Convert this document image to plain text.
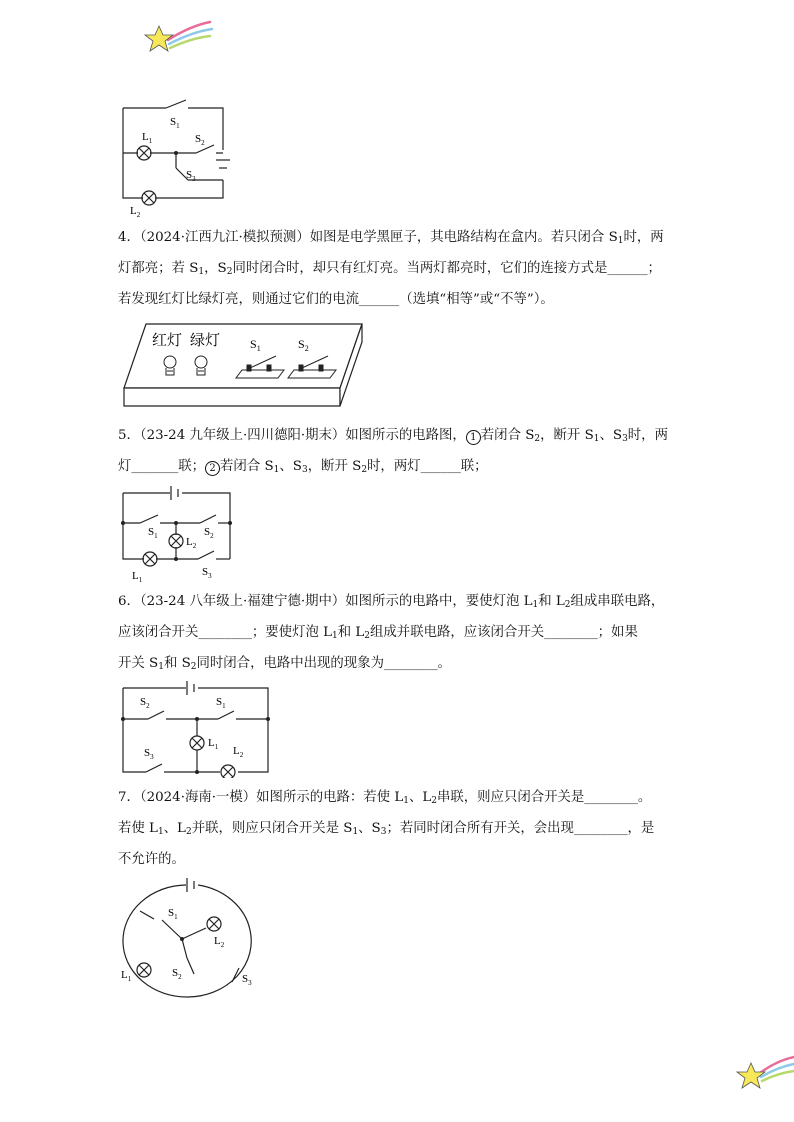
$S_1$
$L_1$	$S_2$
$S_3$
$L_2$

4．（2024·江西九江·模拟预测）如图是电学黑匣子，其电路结构在盒内。若只闭合 $S_1$时，两

灯都亮；若 $S_1$，$S_2$同时闭合时，却只有红灯亮。当两灯都亮时，它们的连接方式是______；

若发现红灯比绿灯亮，则通过它们的电流______（选填“相等”或“不等”）。

红灯 绿灯 $S_1$	$S_2$

5．（23-24 九年级上·四川德阳·期末）如图所示的电路图， 1 若闭合 $S_2$，断开 $S_1$、$S_3$时，两

灯_______联； 2 若闭合 $S_1$、$S_3$，断开 $S_2$时，两灯______联；

$S_1$	$S_2$
$L_2$
$L_1$
$S_3$

6．（23-24 八年级上·福建宁德·期中）如图所示的电路中，要使灯泡 $L_1$和 $L_2$组成串联电路，

应该闭合开关________；要使灯泡 $L_1$和 $L_2$组成并联电路，应该闭合开关________；如果

开关 $S_1$和 $S_2$同时闭合，电路中出现的现象为________。

$S_2$	$S_1$
$L_1$ $L_2$
$S_3$

7．（2024·海南·一模）如图所示的电路：若使 $L_1$、$L_2$串联，则应只闭合开关是________。

若使 $L_1$、$L_2$并联，则应只闭合开关是 $S_1$、$S_3$；若同时闭合所有开关，会出现________，是

不允许的。

$S_1$
$L_2$
$S_2$
$L_1$	$S_3$
